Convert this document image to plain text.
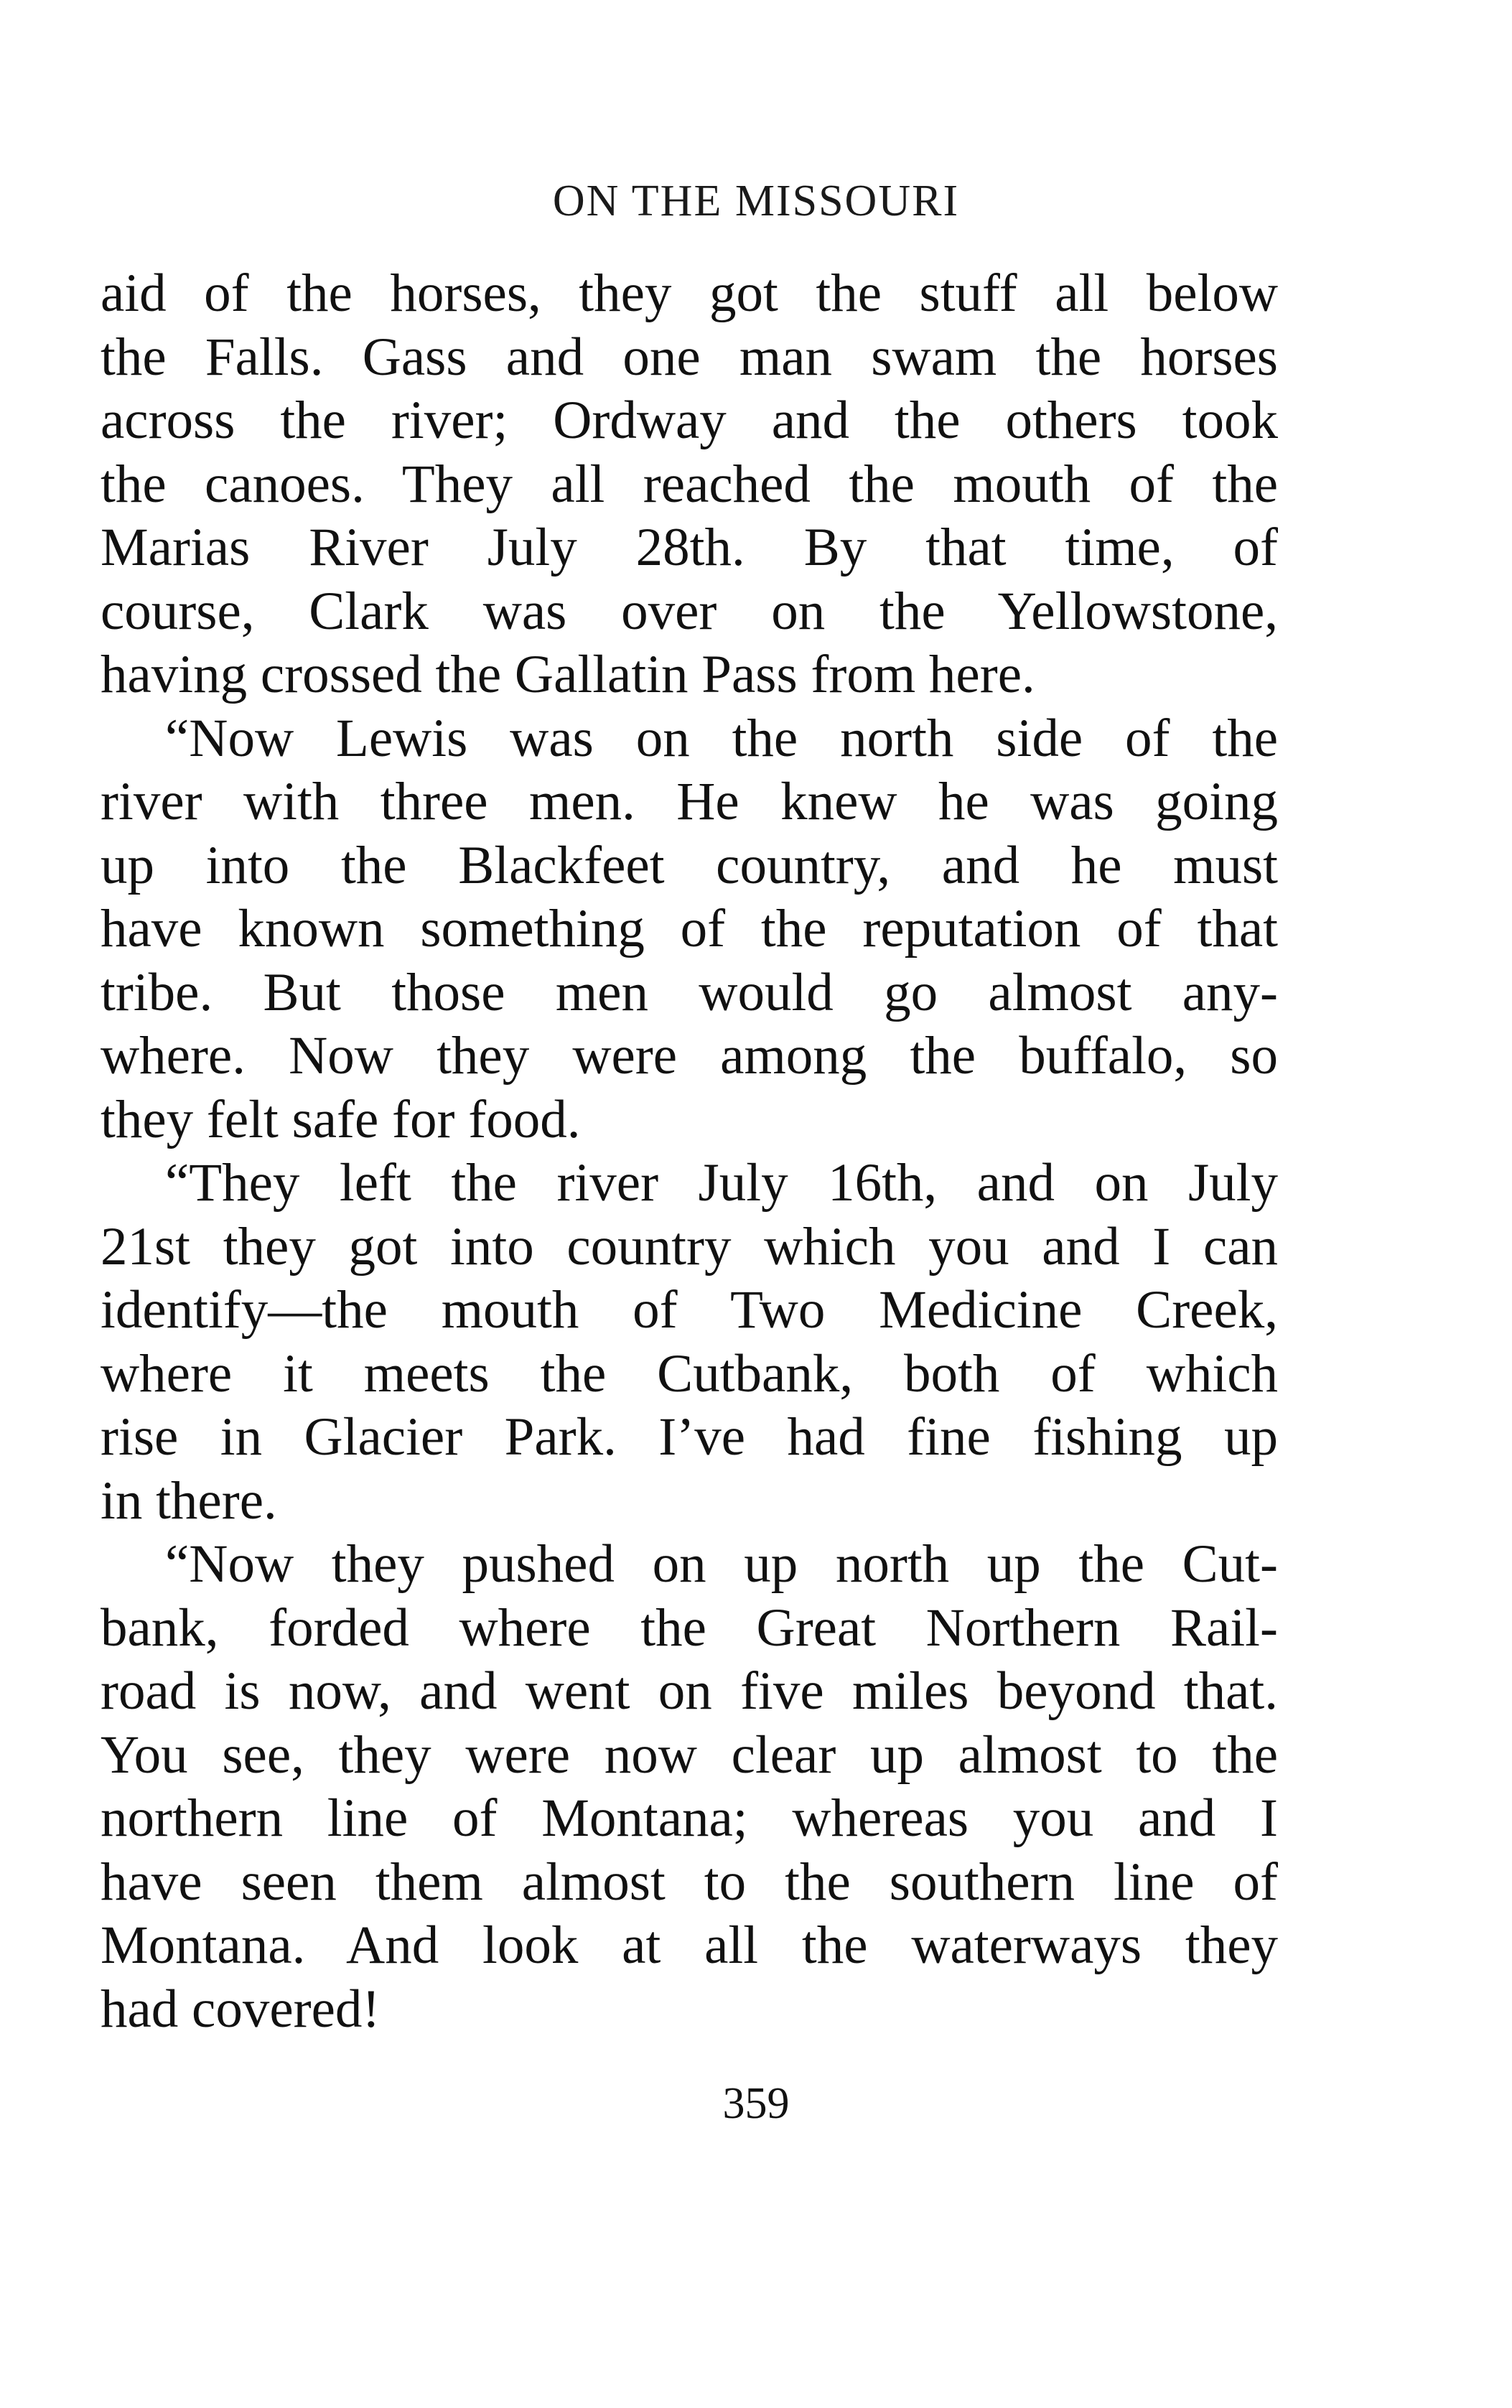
ON THE MISSOURI
aid of the horses, they got the stuff all below
the Falls. Gass and one man swam the horses
across the river; Ordway and the others took
the canoes. They all reached the mouth of the
Marias River July 28th. By that time, of
course, Clark was over on the Yellowstone,
having crossed the Gallatin Pass from here.
“Now Lewis was on the north side of the
river with three men. He knew he was going
up into the Blackfeet country, and he must
have known something of the reputation of that
tribe. But those men would go almost any-
where. Now they were among the buffalo, so
they felt safe for food.
“They left the river July 16th, and on July
21st they got into country which you and I can
identify—the mouth of Two Medicine Creek,
where it meets the Cutbank, both of which
rise in Glacier Park. I’ve had fine fishing up
in there.
“Now they pushed on up north up the Cut-
bank, forded where the Great Northern Rail-
road is now, and went on five miles beyond that.
You see, they were now clear up almost to the
northern line of Montana; whereas you and I
have seen them almost to the southern line of
Montana. And look at all the waterways they
had covered!
359
